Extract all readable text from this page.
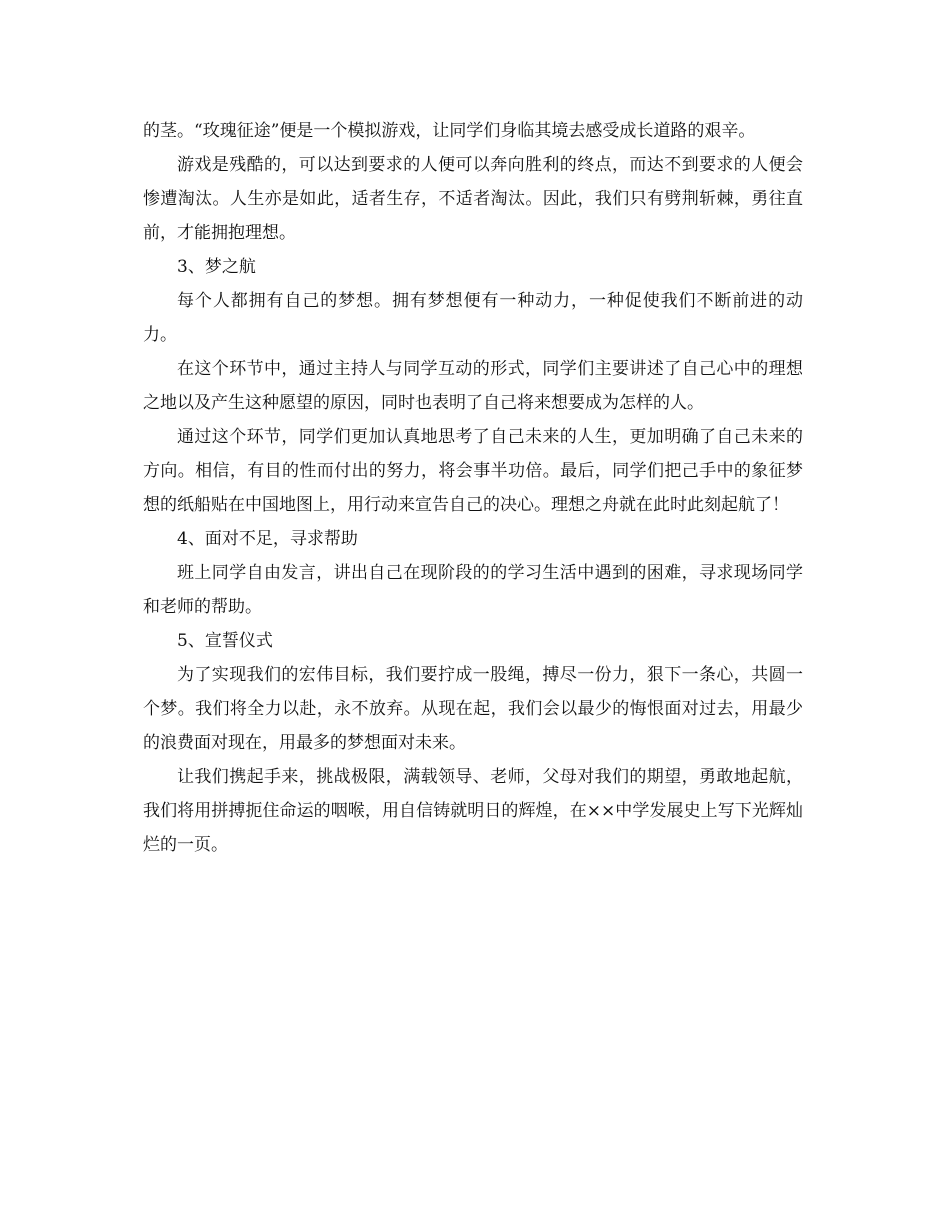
的茎。“玫瑰征途”便是一个模拟游戏，让同学们身临其境去感受成长道路的艰辛。

游戏是残酷的，可以达到要求的人便可以奔向胜利的终点，而达不到要求的人便会惨遭淘汰。人生亦是如此，适者生存，不适者淘汰。因此，我们只有劈荆斩棘，勇往直前，才能拥抱理想。

3、梦之航

每个人都拥有自己的梦想。拥有梦想便有一种动力，一种促使我们不断前进的动力。

在这个环节中，通过主持人与同学互动的形式，同学们主要讲述了自己心中的理想之地以及产生这种愿望的原因，同时也表明了自己将来想要成为怎样的人。

通过这个环节，同学们更加认真地思考了自己未来的人生，更加明确了自己未来的方向。相信，有目的性而付出的努力，将会事半功倍。最后，同学们把己手中的象征梦想的纸船贴在中国地图上，用行动来宣告自己的决心。理想之舟就在此时此刻起航了！

4、面对不足，寻求帮助

班上同学自由发言，讲出自己在现阶段的的学习生活中遇到的困难，寻求现场同学和老师的帮助。

5、宣誓仪式

为了实现我们的宏伟目标，我们要拧成一股绳，搏尽一份力，狠下一条心，共圆一个梦。我们将全力以赴，永不放弃。从现在起，我们会以最少的悔恨面对过去，用最少的浪费面对现在，用最多的梦想面对未来。

让我们携起手来，挑战极限，满载领导、老师，父母对我们的期望，勇敢地起航，我们将用拼搏扼住命运的咽喉，用自信铸就明日的辉煌，在××中学发展史上写下光辉灿烂的一页。
